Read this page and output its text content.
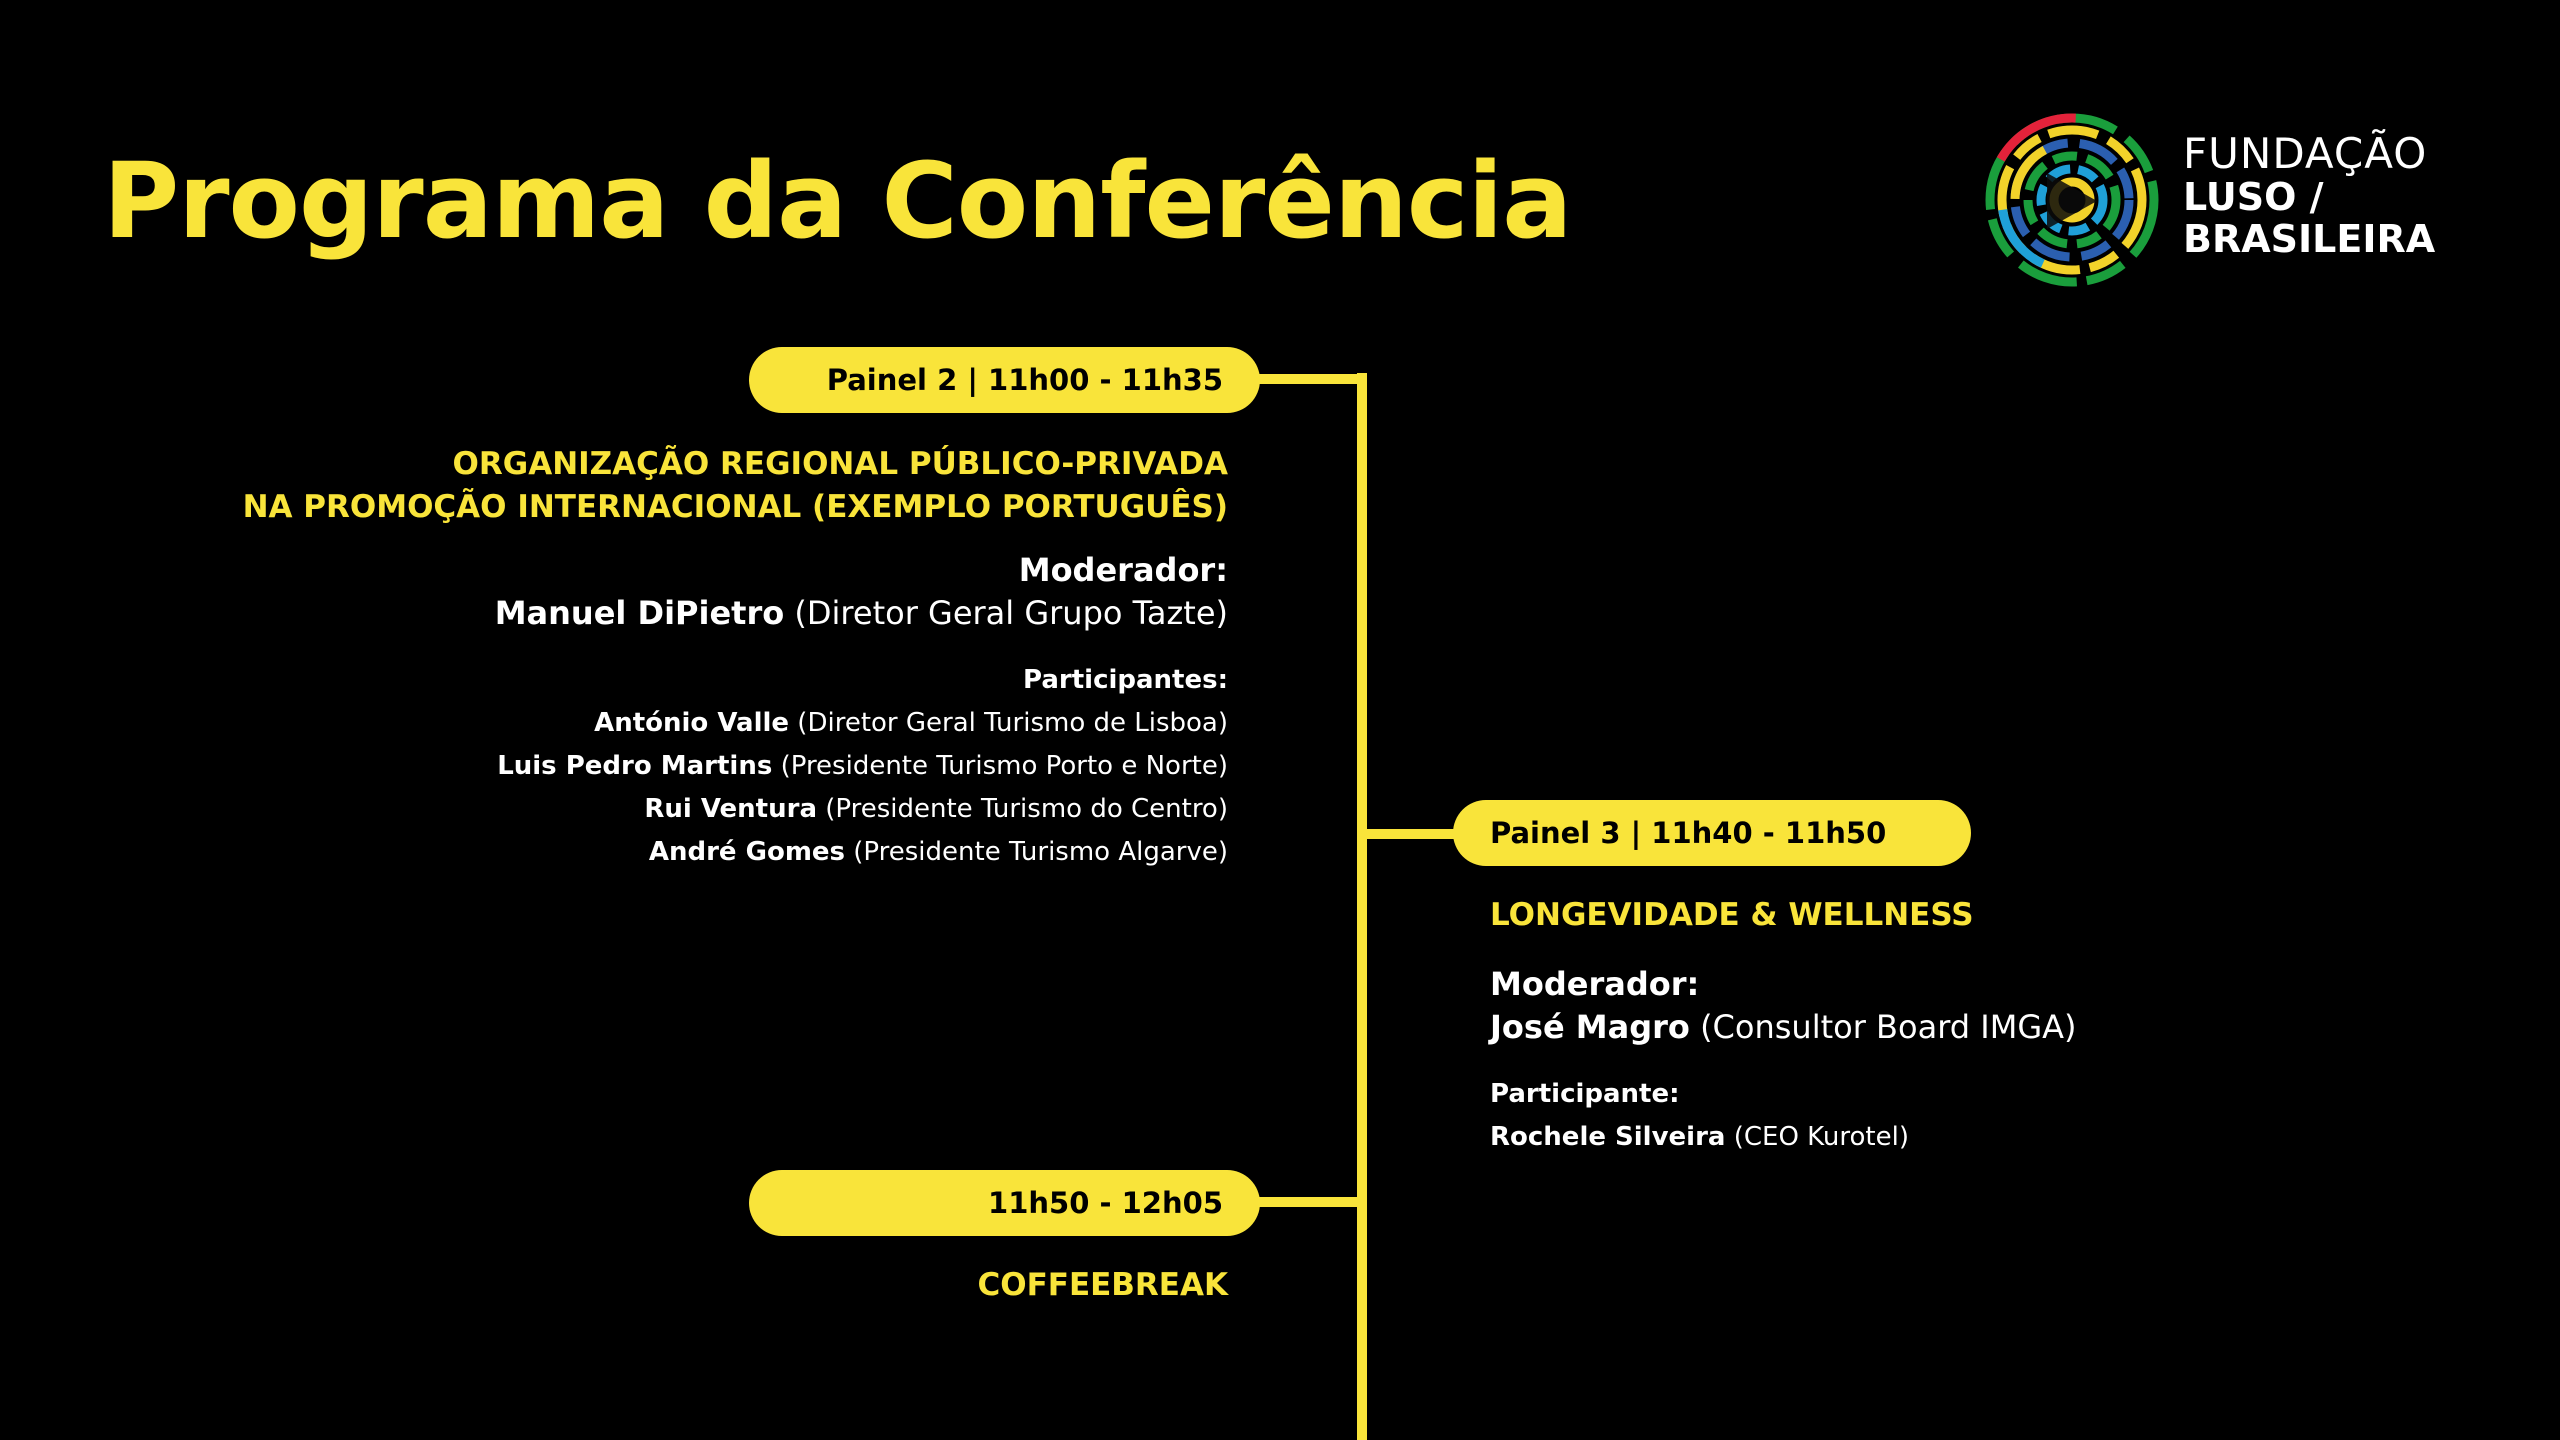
Programa da Conferência	FUNDAÇÃO
LUSO /
BRASILEIRA
Painel 2 | 11h00 - 11h35
ORGANIZAÇÃO REGIONAL PÚBLICO-PRIVADA
NA PROMOÇÃO INTERNACIONAL (EXEMPLO PORTUGUÊS)
Moderador:
Manuel DiPietro (Diretor Geral Grupo Tazte)
Participantes:
António Valle (Diretor Geral Turismo de Lisboa)
Luis Pedro Martins (Presidente Turismo Porto e Norte)
Rui Ventura (Presidente Turismo do Centro)
André Gomes (Presidente Turismo Algarve)
Painel 3 | 11h40 - 11h50
LONGEVIDADE & WELLNESS
Moderador:
José Magro (Consultor Board IMGA)
Participante:
Rochele Silveira (CEO Kurotel)
11h50 - 12h05
COFFEEBREAK
